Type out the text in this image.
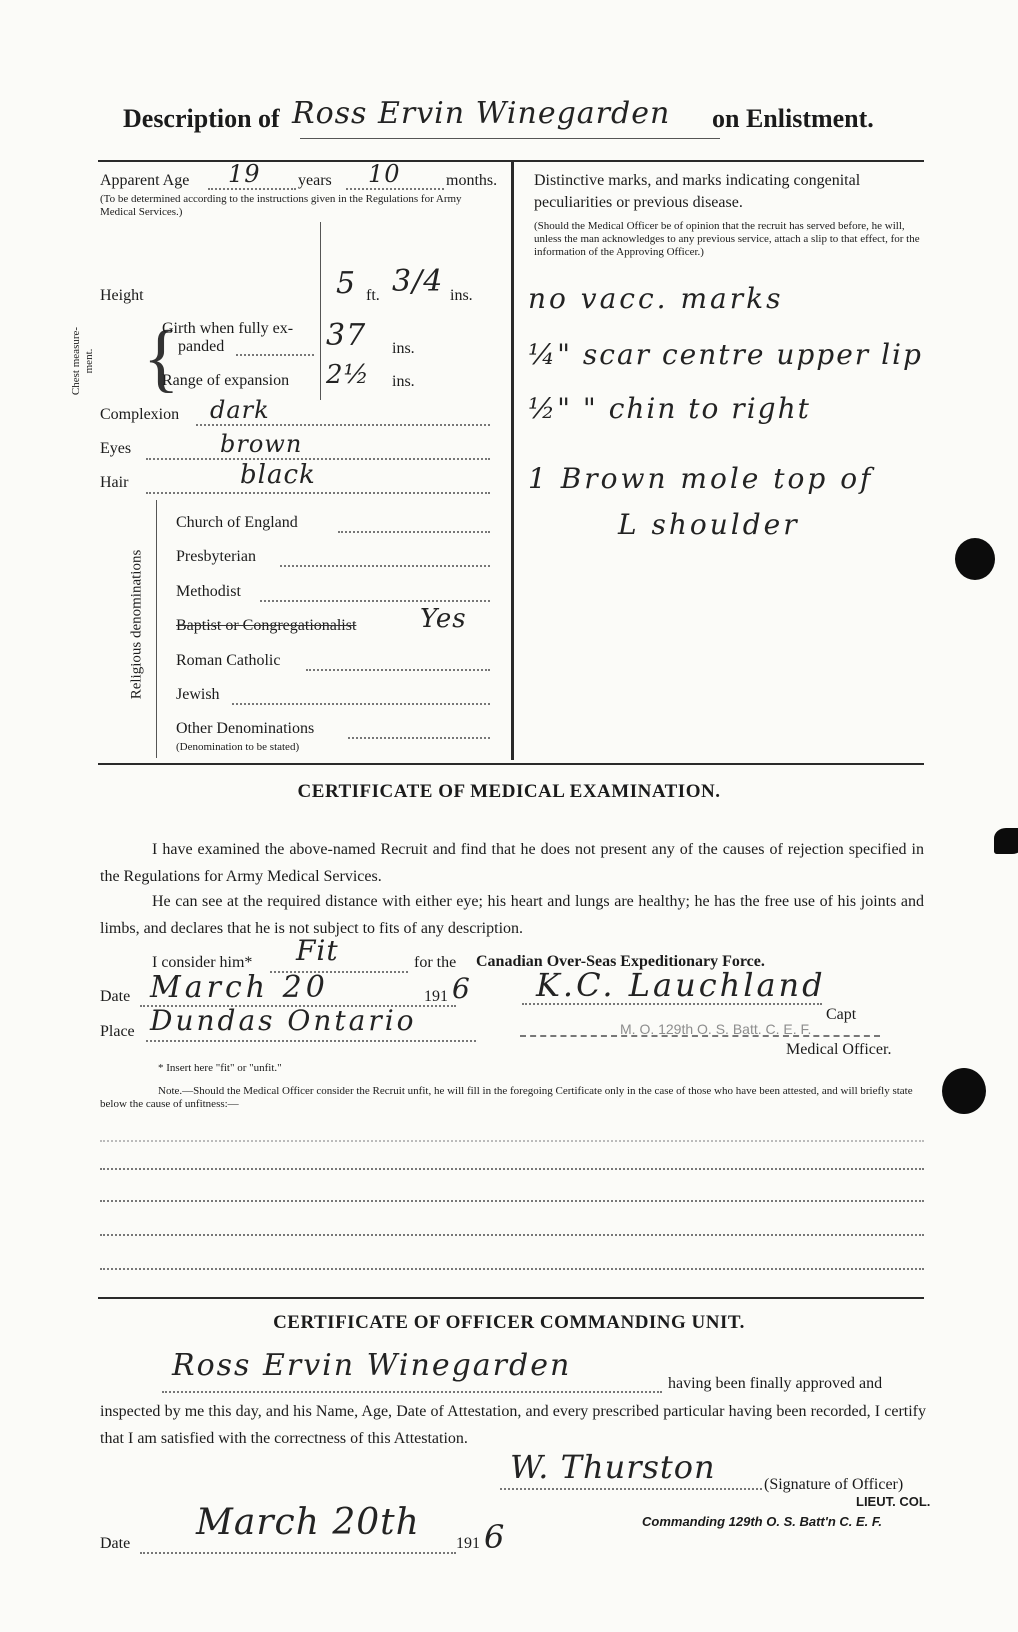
Description of Ross Ervin Winegarden on Enlistment.
Apparent Age 19 years 10	months.
(To be determined according to the instructions given in the Regulations for Army Medical Services.)
Height	5 ft. 3/4 ins.
Chest measure-ment. {
Girth when fully ex-
panded	37 ins.
Range of expansion 2½ ins.
Complexion dark
Eyes	brown
Hair	black
Religious denominations
Church of England
Presbyterian
Methodist
Baptist or Congregationalist Yes
Roman Catholic
Jewish
Other Denominations
(Denomination to be stated)
Distinctive marks, and marks indicating congenital peculiarities or previous disease.
(Should the Medical Officer be of opinion that the recruit has served before, he will, unless the man acknowledges to any previous service, attach a slip to that effect, for the information of the Approving Officer.)
no vacc. marks
¼" scar centre upper lip
½" " chin to right
1 Brown mole top of
L shoulder
CERTIFICATE OF MEDICAL EXAMINATION.
I have examined the above-named Recruit and find that he does not present any of the causes of rejection specified in the Regulations for Army Medical Services.
He can see at the required distance with either eye; his heart and lungs are healthy; he has the free use of his joints and limbs, and declares that he is not subject to fits of any description.
I consider him* Fit	for the Canadian Over-Seas Expeditionary Force.
Date March 20	191 6
Place Dundas Ontario
K.C. Lauchland
Capt
M. O. 129th O. S. Batt. C. E. F.
Medical Officer.
* Insert here "fit" or "unfit."
Note.—Should the Medical Officer consider the Recruit unfit, he will fill in the foregoing Certificate only in the case of those who have been attested, and will briefly state below the cause of unfitness:—
CERTIFICATE OF OFFICER COMMANDING UNIT.
Ross Ervin Winegarden
having been finally approved and
inspected by me this day, and his Name, Age, Date of Attestation, and every prescribed particular having been recorded, I certify that I am satisfied with the correctness of this Attestation.
W. Thurston	(Signature of Officer)
LIEUT. COL.
Commanding 129th O. S. Batt'n C. E. F.
Date
March 20th
191 6
